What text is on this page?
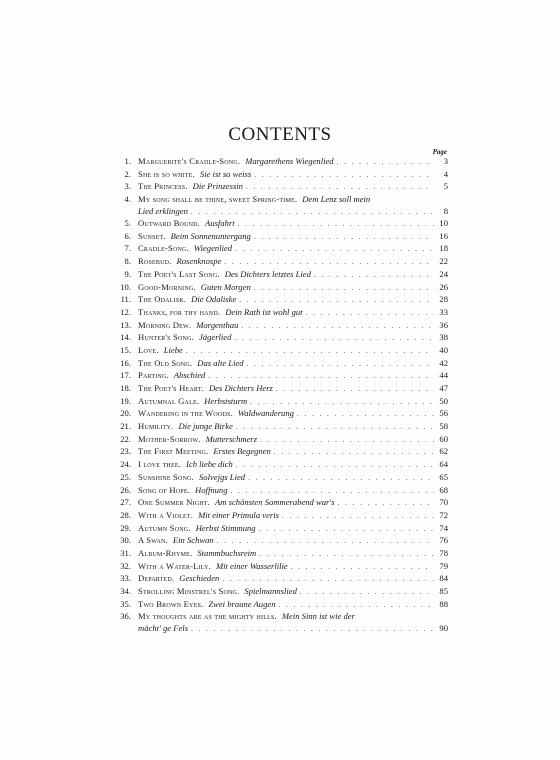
CONTENTS
Page
1. Marguerite's Cradle-Song. Margarethens Wiegenlied . . .	3
2. She is so white. Sie ist so weiss . . .	4
3. The Princess. Die Prinzessin . . .	5
4. My song shall be thine, sweet Spring-time. Dem Lenz soll mein
Lied erklingen . . .	8
5. Outward Bound. Ausfahrt . . .	10
6. Sunset. Beim Sonnenuntergang . . .	16
7. Cradle-Song. Wiegenlied . . .	18
8. Rosebud. Rosenknospe . . .	22
9. The Poet's Last Song. Des Dichters letztes Lied . . .	24
10. Good-Morning. Guten Morgen . . .	26
11. The Odalisk. Die Odaliske . . .	28
12. Thanks, for thy hand. Dein Rath ist wohl gut . . .	33
13. Morning Dew. Morgenthau . . .	36
14. Hunter's Song. Jägerlied . . .	38
15. Love. Liebe . . .	40
16. The Old Song. Das alte Lied . . .	42
17. Parting. Abschied . . .	44
18. The Poet's Heart. Des Dichters Herz . . .	47
19. Autumnal Gale. Herbststurm . . .	50
20. Wandering in the Woods. Waldwanderung . . .	56
21. Humility. Die junge Birke . . .	58
22. Mother-Sorrow. Mutterschmerz . . .	60
23. The First Meeting. Erstes Begegnen . . .	62
24. I love thee. Ich liebe dich . . .	64
25. Sunshine Song. Solvejgs Lied . . .	65
26. Song of Hope. Hoffnung . . .	68
27. One Summer Night. Am schönsten Sommerabend war's . . .	70
28. With a Violet. Mit einer Primula veris . . .	72
29. Autumn Song. Herbst Stimmung . . .	74
30. A Swan. Ein Schwan . . .	76
31. Album-Rhyme. Stammbuchsreim . . .	78
32. With a Water-Lily. Mit einer Wasserlilie . . .	79
33. Departed. Geschieden . . .	84
34. Strolling Minstrel's Song. Spielmannslied . . .	85
35. Two Brown Eyes. Zwei braune Augen . . .	88
36. My thoughts are as the mighty hills. Mein Sinn ist wie der
mächt' ge Fels . . .	90
